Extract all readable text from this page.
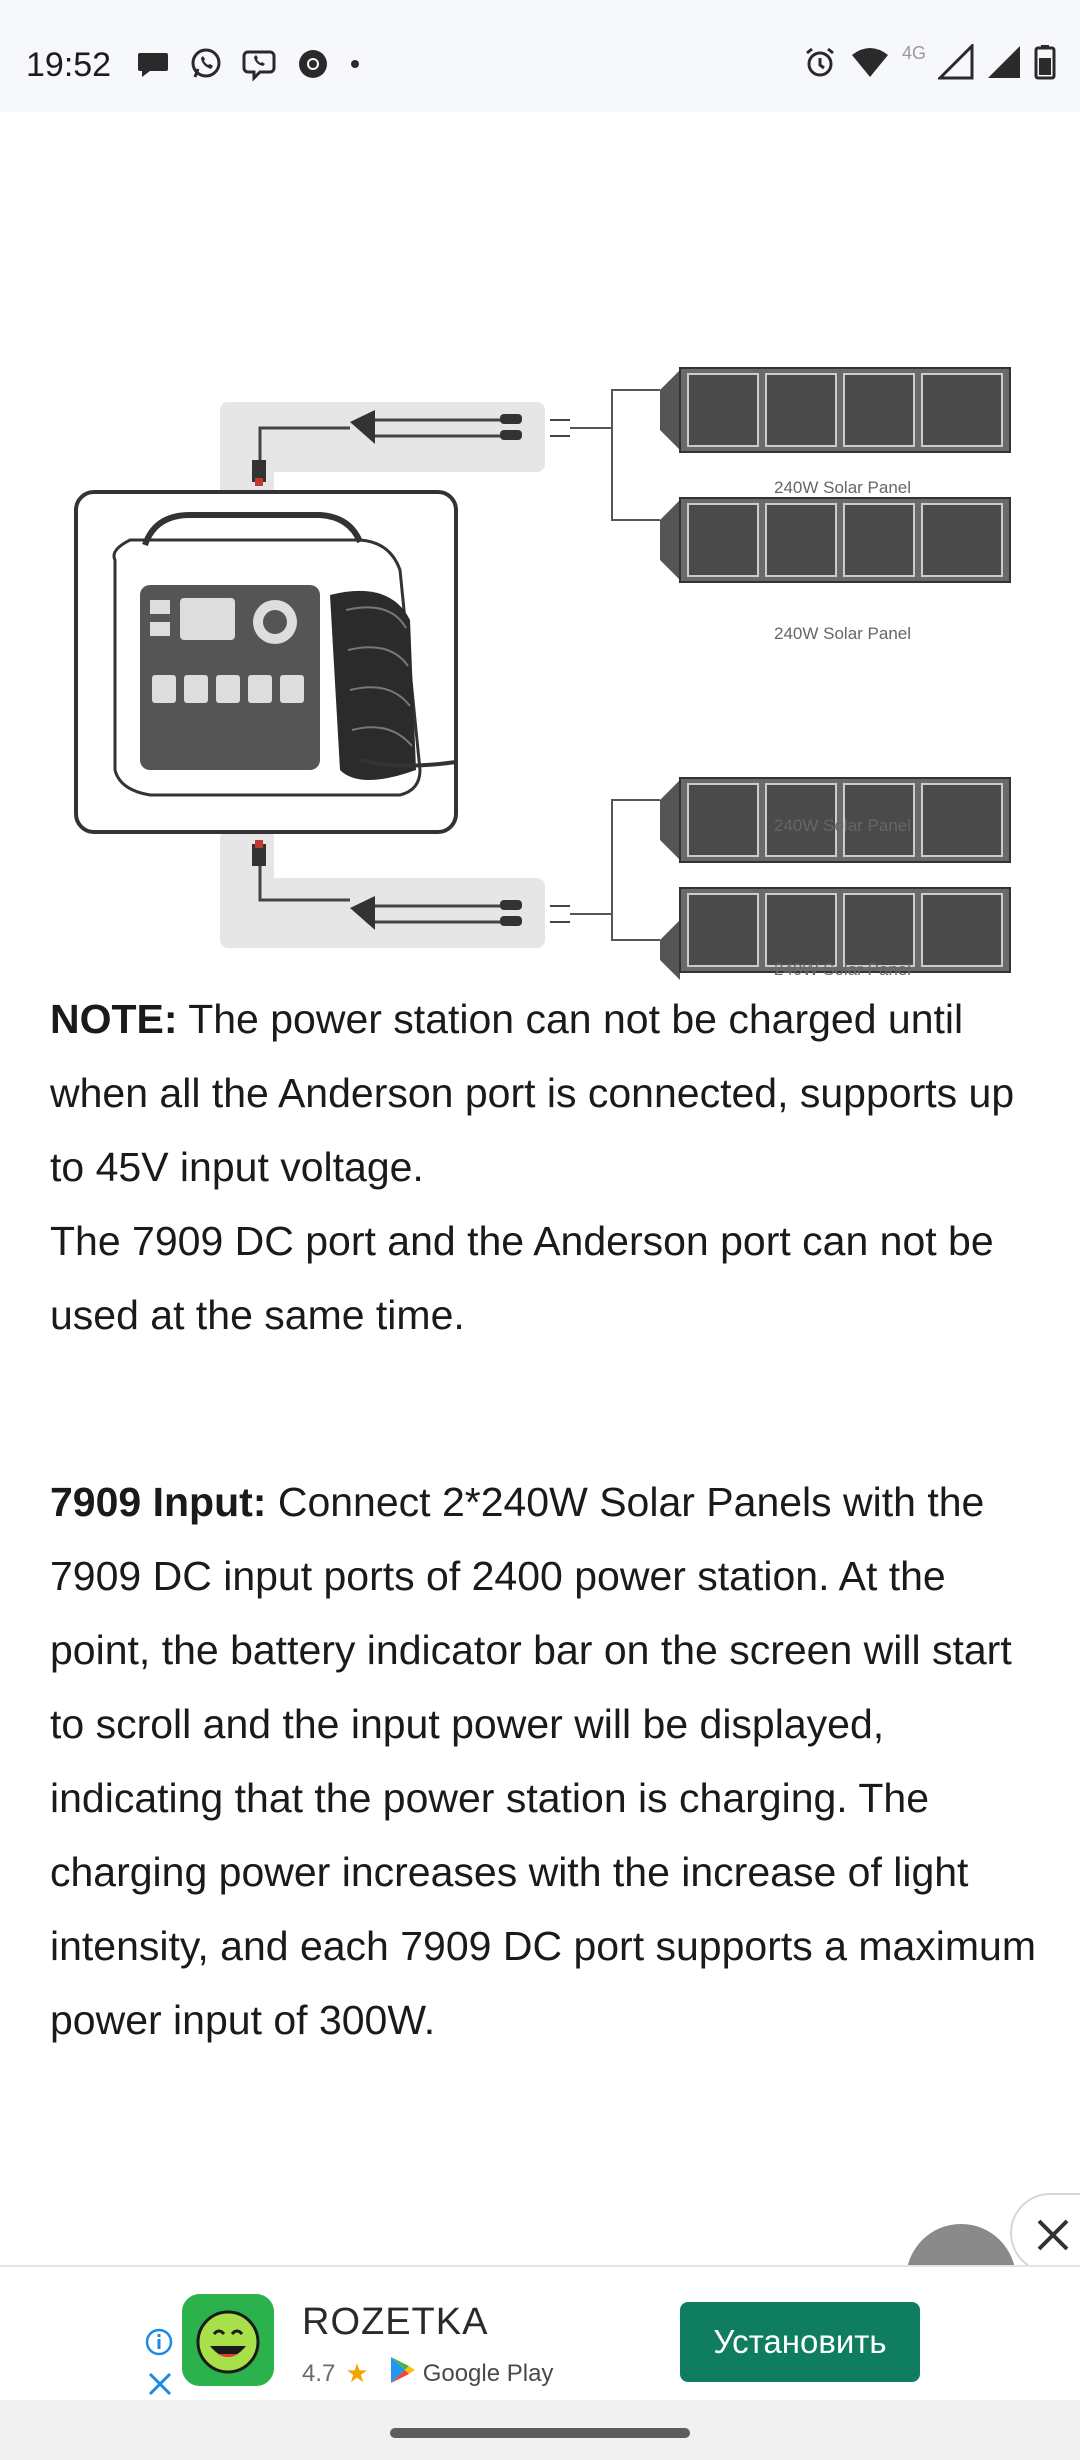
19:52	4G
240W Solar Panel
240W Solar Panel
240W Solar Panel
240W Solar Panel
NOTE: The power station can not be charged until when all the Anderson port is connected, supports up to 45V input voltage.
The 7909 DC port and the Anderson port can not be used at the same time.
7909 Input: Connect 2*240W Solar Panels with the 7909 DC input ports of 2400 power station. At the point, the battery indicator bar on the screen will start to scroll and the input power will be displayed, indicating that the power station is charging. The charging power increases with the increase of light intensity, and each 7909 DC port supports a maximum power input of 300W.
ROZETKA
4.7 ★ Google Play
Установить
